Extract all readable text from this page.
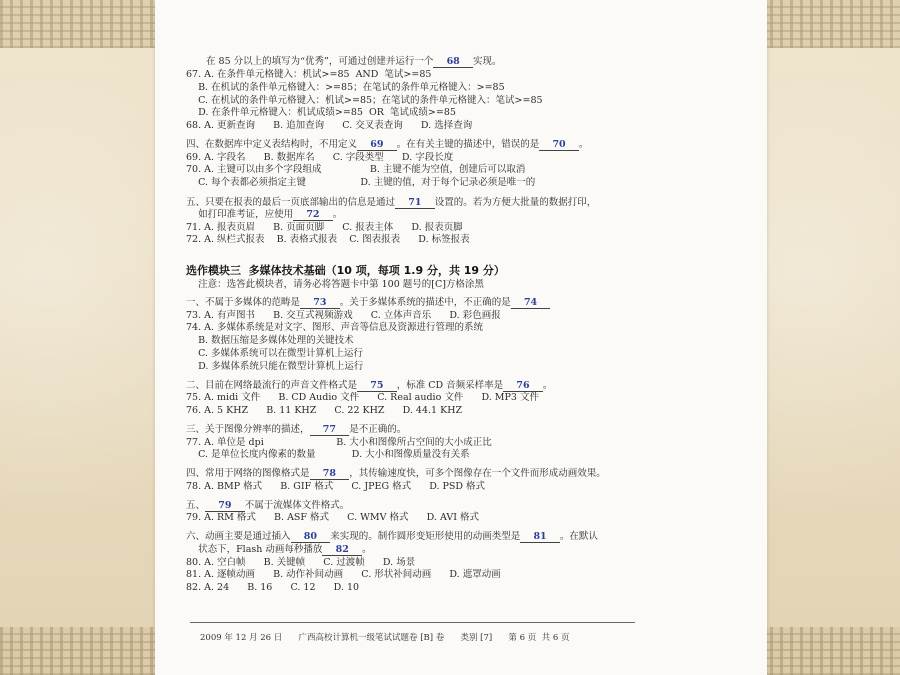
在 85 分以上的填写为“优秀”，可通过创建并运行一个    68    实现。
67. A. 在条件单元格键入：机试>=85  AND  笔试>=85
B. 在机试的条件单元格键入：>=85；在笔试的条件单元格键入：>=85
C. 在机试的条件单元格键入：机试>=85；在笔试的条件单元格键入：笔试>=85
D. 在条件单元格键入：机试成绩>=85  OR  笔试成绩>=85
68. A. 更新查询      B. 追加查询      C. 交叉表查询      D. 选择查询
四、在数据库中定义表结构时，不用定义    69    。在有关主键的描述中，错误的是    70    。
69. A. 字段名      B. 数据库名      C. 字段类型      D. 字段长度
70. A. 主键可以由多个字段组成                B. 主键不能为空值，创建后可以取消
C. 每个表都必须指定主键                  D. 主键的值，对于每个记录必须是唯一的
五、只要在报表的最后一页底部输出的信息是通过    71    设置的。若为方便大批量的数据打印，
如打印准考证，应使用    72    。
71. A. 报表页眉      B. 页面页脚      C. 报表主体      D. 报表页脚
72. A. 纵栏式报表    B. 表格式报表    C. 图表报表      D. 标签报表
选作模块三  多媒体技术基础（10 项，每项 1.9 分，共 19 分）
注意：选答此模块者，请务必将答题卡中第 100 题号的[C]方格涂黑
一、不属于多媒体的范畴是    73    。关于多媒体系统的描述中，不正确的是    74
73. A. 有声图书      B. 交互式视频游戏      C. 立体声音乐      D. 彩色画报
74. A. 多媒体系统是对文字、图形、声音等信息及资源进行管理的系统
B. 数据压缩是多媒体处理的关键技术
C. 多媒体系统可以在微型计算机上运行
D. 多媒体系统只能在微型计算机上运行
二、目前在网络最流行的声音文件格式是    75    ，标准 CD 音频采样率是    76    。
75. A. midi 文件      B. CD Audio 文件      C. Real audio 文件      D. MP3 文件
76. A. 5 KHZ      B. 11 KHZ      C. 22 KHZ      D. 44.1 KHZ
三、关于图像分辨率的描述，    77    是不正确的。
77. A. 单位是 dpi                        B. 大小和图像所占空间的大小成正比
C. 是单位长度内像素的数量            D. 大小和图像质量没有关系
四、常用于网络的图像格式是    78    ，其传输速度快，可多个图像存在一个文件而形成动画效果。
78. A. BMP 格式      B. GIF 格式      C. JPEG 格式      D. PSD 格式
五、    79    不属于流媒体文件格式。
79. A. RM 格式      B. ASF 格式      C. WMV 格式      D. AVI 格式
六、动画主要是通过插入    80    来实现的。制作圆形变矩形使用的动画类型是    81    。在默认
状态下，Flash 动画每秒播放    82    。
80. A. 空白帧      B. 关键帧      C. 过渡帧      D. 场景
81. A. 逐帧动画      B. 动作补间动画      C. 形状补间动画      D. 遮罩动画
82. A. 24      B. 16      C. 12      D. 10
2009 年 12 月 26 日      广西高校计算机一级笔试试题卷 [B] 卷      类别 [7]      第 6 页  共 6 页
